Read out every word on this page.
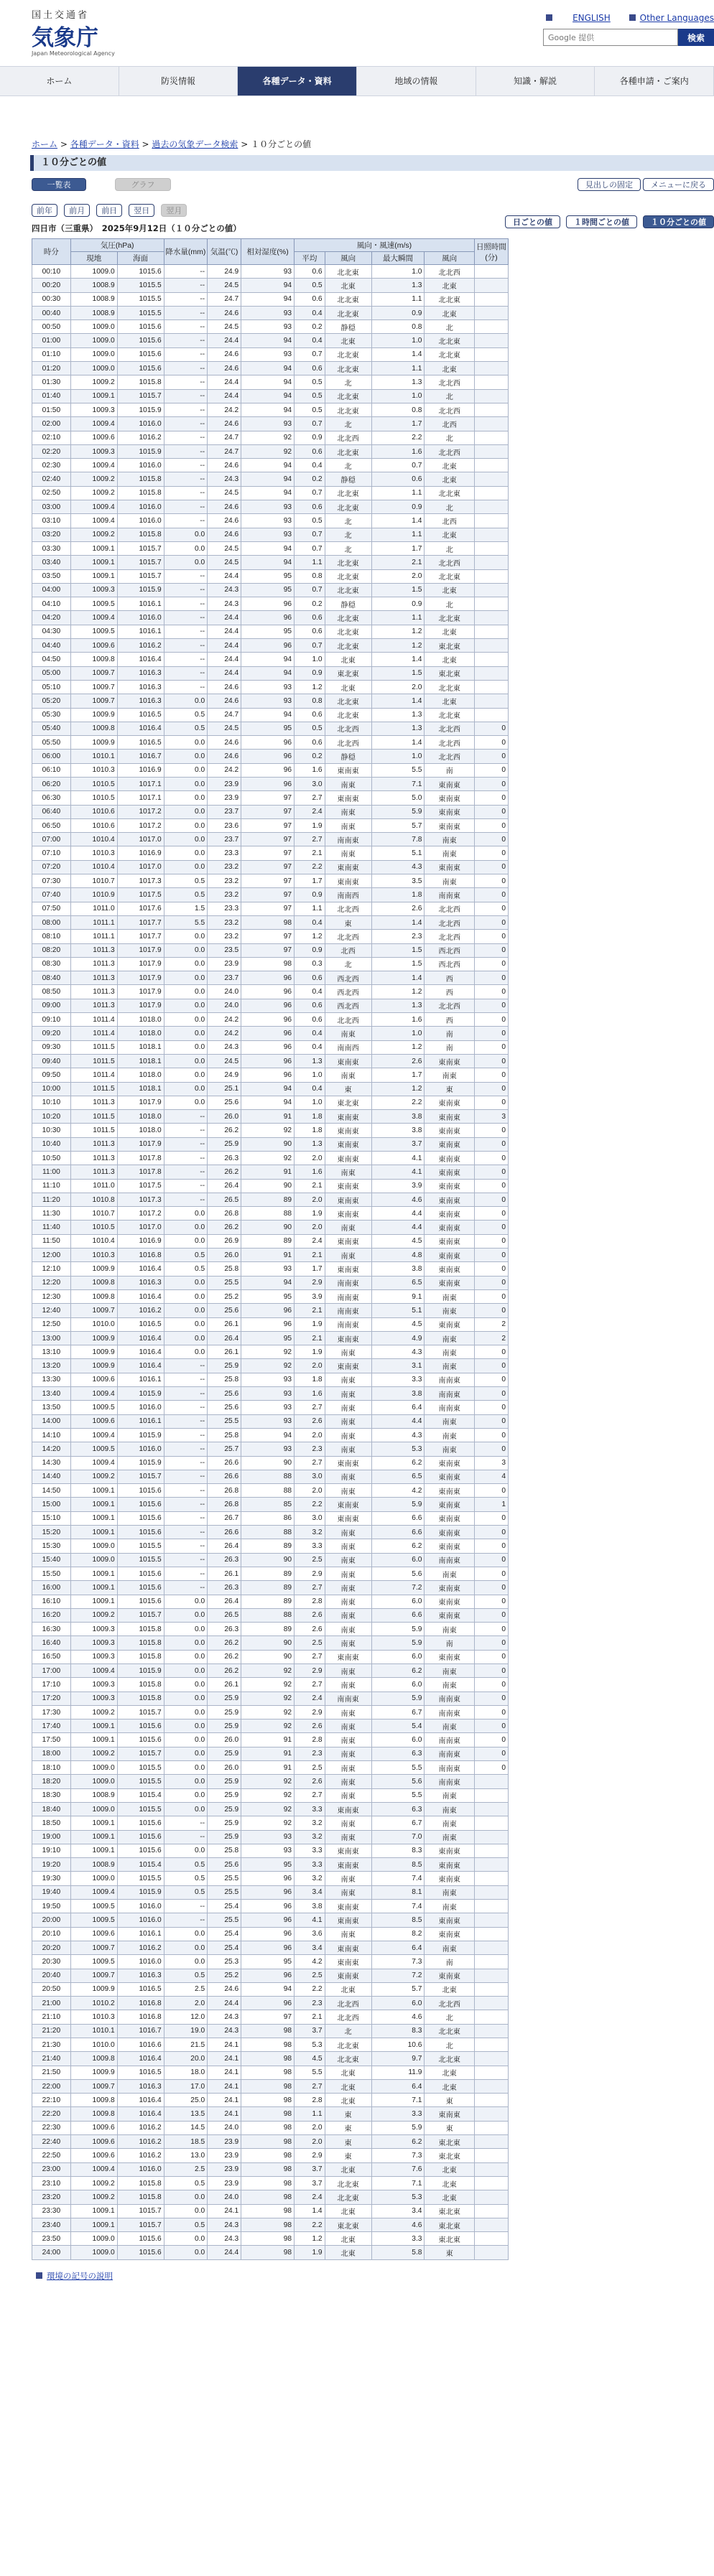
国土交通省
気象庁
Japan Meteorological Agency
ENGLISH	Other Languages
Google 提供
検索
ホーム	防災情報	各種データ・資料	地域の情報	知識・解説	各種申請・ご案内
ホーム > 各種データ・資料 > 過去の気象データ検索 > １０分ごとの値
１０分ごとの値
一覧表	グラフ	見出しの固定	メニューに戻る
前年 前月 前日 翌日 翌月
四日市（三重県）　2025年9月12日（１０分ごとの値）
日ごとの値	１時間ごとの値	１０分ごとの値
時分	気圧(hPa)		降水量(mm)	気温(℃)	相対湿度(%)	風向・風速(m/s)				日照時間(分)
	現地	海面				平均	風向	最大瞬間	風向	
00:10	1009.0	1015.6	--	24.9	93	0.6	北北東	1.0	北北西	
00:20	1008.9	1015.5	--	24.5	94	0.5	北東	1.3	北東	
00:30	1008.9	1015.5	--	24.7	94	0.6	北北東	1.1	北北東	
00:40	1008.9	1015.5	--	24.6	93	0.4	北北東	0.9	北東	
00:50	1009.0	1015.6	--	24.5	93	0.2	静穏	0.8	北	
01:00	1009.0	1015.6	--	24.4	94	0.4	北東	1.0	北北東	
01:10	1009.0	1015.6	--	24.6	93	0.7	北北東	1.4	北北東	
01:20	1009.0	1015.6	--	24.6	94	0.6	北北東	1.1	北東	
01:30	1009.2	1015.8	--	24.4	94	0.5	北	1.3	北北西	
01:40	1009.1	1015.7	--	24.4	94	0.5	北北東	1.0	北	
01:50	1009.3	1015.9	--	24.2	94	0.5	北北東	0.8	北北西	
02:00	1009.4	1016.0	--	24.6	93	0.7	北	1.7	北西	
02:10	1009.6	1016.2	--	24.7	92	0.9	北北西	2.2	北	
02:20	1009.3	1015.9	--	24.7	92	0.6	北北東	1.6	北北西	
02:30	1009.4	1016.0	--	24.6	94	0.4	北	0.7	北東	
02:40	1009.2	1015.8	--	24.3	94	0.2	静穏	0.6	北東	
02:50	1009.2	1015.8	--	24.5	94	0.7	北北東	1.1	北北東	
03:00	1009.4	1016.0	--	24.6	93	0.6	北北東	0.9	北	
03:10	1009.4	1016.0	--	24.6	93	0.5	北	1.4	北西	
03:20	1009.2	1015.8	0.0	24.6	93	0.7	北	1.1	北東	
03:30	1009.1	1015.7	0.0	24.5	94	0.7	北	1.7	北	
03:40	1009.1	1015.7	0.0	24.5	94	1.1	北北東	2.1	北北西	
03:50	1009.1	1015.7	--	24.4	95	0.8	北北東	2.0	北北東	
04:00	1009.3	1015.9	--	24.3	95	0.7	北北東	1.5	北東	
04:10	1009.5	1016.1	--	24.3	96	0.2	静穏	0.9	北	
04:20	1009.4	1016.0	--	24.4	96	0.6	北北東	1.1	北北東	
04:30	1009.5	1016.1	--	24.4	95	0.6	北北東	1.2	北東	
04:40	1009.6	1016.2	--	24.4	96	0.7	北北東	1.2	東北東	
04:50	1009.8	1016.4	--	24.4	94	1.0	北東	1.4	北東	
05:00	1009.7	1016.3	--	24.4	94	0.9	東北東	1.5	東北東	
05:10	1009.7	1016.3	--	24.6	93	1.2	北東	2.0	北北東	
05:20	1009.7	1016.3	0.0	24.6	93	0.8	北北東	1.4	北東	
05:30	1009.9	1016.5	0.5	24.7	94	0.6	北北東	1.3	北北東	
05:40	1009.8	1016.4	0.5	24.5	95	0.5	北北西	1.3	北北西	0
05:50	1009.9	1016.5	0.0	24.6	96	0.6	北北西	1.4	北北西	0
06:00	1010.1	1016.7	0.0	24.6	96	0.2	静穏	1.0	北北西	0
06:10	1010.3	1016.9	0.0	24.2	96	1.6	東南東	5.5	南	0
06:20	1010.5	1017.1	0.0	23.9	96	3.0	南東	7.1	東南東	0
06:30	1010.5	1017.1	0.0	23.9	97	2.7	東南東	5.0	東南東	0
06:40	1010.6	1017.2	0.0	23.7	97	2.4	南東	5.9	東南東	0
06:50	1010.6	1017.2	0.0	23.6	97	1.9	南東	5.7	東南東	0
07:00	1010.4	1017.0	0.0	23.7	97	2.7	南南東	7.8	南東	0
07:10	1010.3	1016.9	0.0	23.3	97	2.1	南東	5.1	南東	0
07:20	1010.4	1017.0	0.0	23.2	97	2.2	東南東	4.3	東南東	0
07:30	1010.7	1017.3	0.5	23.2	97	1.7	東南東	3.5	南東	0
07:40	1010.9	1017.5	0.5	23.2	97	0.9	南南西	1.8	南南東	0
07:50	1011.0	1017.6	1.5	23.3	97	1.1	北北西	2.6	北北西	0
08:00	1011.1	1017.7	5.5	23.2	98	0.4	東	1.4	北北西	0
08:10	1011.1	1017.7	0.0	23.2	97	1.2	北北西	2.3	北北西	0
08:20	1011.3	1017.9	0.0	23.5	97	0.9	北西	1.5	西北西	0
08:30	1011.3	1017.9	0.0	23.9	98	0.3	北	1.5	西北西	0
08:40	1011.3	1017.9	0.0	23.7	96	0.6	西北西	1.4	西	0
08:50	1011.3	1017.9	0.0	24.0	96	0.4	西北西	1.2	西	0
09:00	1011.3	1017.9	0.0	24.0	96	0.6	西北西	1.3	北北西	0
09:10	1011.4	1018.0	0.0	24.2	96	0.6	北北西	1.6	西	0
09:20	1011.4	1018.0	0.0	24.2	96	0.4	南東	1.0	南	0
09:30	1011.5	1018.1	0.0	24.3	96	0.4	南南西	1.2	南	0
09:40	1011.5	1018.1	0.0	24.5	96	1.3	東南東	2.6	東南東	0
09:50	1011.4	1018.0	0.0	24.9	96	1.0	南東	1.7	南東	0
10:00	1011.5	1018.1	0.0	25.1	94	0.4	東	1.2	東	0
10:10	1011.3	1017.9	0.0	25.6	94	1.0	東北東	2.2	東南東	0
10:20	1011.5	1018.0	--	26.0	91	1.8	東南東	3.8	東南東	3
10:30	1011.5	1018.0	--	26.2	92	1.8	東南東	3.8	東南東	0
10:40	1011.3	1017.9	--	25.9	90	1.3	東南東	3.7	東南東	0
10:50	1011.3	1017.8	--	26.3	92	2.0	東南東	4.1	東南東	0
11:00	1011.3	1017.8	--	26.2	91	1.6	南東	4.1	東南東	0
11:10	1011.0	1017.5	--	26.4	90	2.1	東南東	3.9	東南東	0
11:20	1010.8	1017.3	--	26.5	89	2.0	東南東	4.6	東南東	0
11:30	1010.7	1017.2	0.0	26.8	88	1.9	東南東	4.4	東南東	0
11:40	1010.5	1017.0	0.0	26.2	90	2.0	南東	4.4	東南東	0
11:50	1010.4	1016.9	0.0	26.9	89	2.4	東南東	4.5	東南東	0
12:00	1010.3	1016.8	0.5	26.0	91	2.1	南東	4.8	東南東	0
12:10	1009.9	1016.4	0.5	25.8	93	1.7	東南東	3.8	東南東	0
12:20	1009.8	1016.3	0.0	25.5	94	2.9	南南東	6.5	東南東	0
12:30	1009.8	1016.4	0.0	25.2	95	3.9	南南東	9.1	南東	0
12:40	1009.7	1016.2	0.0	25.6	96	2.1	南南東	5.1	南東	0
12:50	1010.0	1016.5	0.0	26.1	96	1.9	南南東	4.5	東南東	2
13:00	1009.9	1016.4	0.0	26.4	95	2.1	東南東	4.9	南東	2
13:10	1009.9	1016.4	0.0	26.1	92	1.9	南東	4.3	南東	0
13:20	1009.9	1016.4	--	25.9	92	2.0	東南東	3.1	南東	0
13:30	1009.6	1016.1	--	25.8	93	1.8	南東	3.3	南南東	0
13:40	1009.4	1015.9	--	25.6	93	1.6	南東	3.8	南南東	0
13:50	1009.5	1016.0	--	25.6	93	2.7	南東	6.4	南南東	0
14:00	1009.6	1016.1	--	25.5	93	2.6	南東	4.4	南東	0
14:10	1009.4	1015.9	--	25.8	94	2.0	南東	4.3	南東	0
14:20	1009.5	1016.0	--	25.7	93	2.3	南東	5.3	南東	0
14:30	1009.4	1015.9	--	26.6	90	2.7	東南東	6.2	東南東	3
14:40	1009.2	1015.7	--	26.6	88	3.0	南東	6.5	東南東	4
14:50	1009.1	1015.6	--	26.8	88	2.0	南東	4.2	東南東	0
15:00	1009.1	1015.6	--	26.8	85	2.2	東南東	5.9	東南東	1
15:10	1009.1	1015.6	--	26.7	86	3.0	東南東	6.6	東南東	0
15:20	1009.1	1015.6	--	26.6	88	3.2	南東	6.6	東南東	0
15:30	1009.0	1015.5	--	26.4	89	3.3	南東	6.2	東南東	0
15:40	1009.0	1015.5	--	26.3	90	2.5	南東	6.0	南南東	0
15:50	1009.1	1015.6	--	26.1	89	2.9	南東	5.6	南東	0
16:00	1009.1	1015.6	--	26.3	89	2.7	南東	7.2	東南東	0
16:10	1009.1	1015.6	0.0	26.4	89	2.8	南東	6.0	東南東	0
16:20	1009.2	1015.7	0.0	26.5	88	2.6	南東	6.6	東南東	0
16:30	1009.3	1015.8	0.0	26.3	89	2.6	南東	5.9	南東	0
16:40	1009.3	1015.8	0.0	26.2	90	2.5	南東	5.9	南	0
16:50	1009.3	1015.8	0.0	26.2	90	2.7	東南東	6.0	東南東	0
17:00	1009.4	1015.9	0.0	26.2	92	2.9	南東	6.2	南東	0
17:10	1009.3	1015.8	0.0	26.1	92	2.7	南東	6.0	南東	0
17:20	1009.3	1015.8	0.0	25.9	92	2.4	南南東	5.9	南南東	0
17:30	1009.2	1015.7	0.0	25.9	92	2.9	南東	6.7	南南東	0
17:40	1009.1	1015.6	0.0	25.9	92	2.6	南東	5.4	南東	0
17:50	1009.1	1015.6	0.0	26.0	91	2.8	南東	6.0	南南東	0
18:00	1009.2	1015.7	0.0	25.9	91	2.3	南東	6.3	南南東	0
18:10	1009.0	1015.5	0.0	26.0	91	2.5	南東	5.5	南南東	0
18:20	1009.0	1015.5	0.0	25.9	92	2.6	南東	5.6	南南東	
18:30	1008.9	1015.4	0.0	25.9	92	2.7	南東	5.5	南東	
18:40	1009.0	1015.5	0.0	25.9	92	3.3	東南東	6.3	南東	
18:50	1009.1	1015.6	--	25.9	92	3.2	南東	6.7	南東	
19:00	1009.1	1015.6	--	25.9	93	3.2	南東	7.0	南東	
19:10	1009.1	1015.6	0.0	25.8	93	3.3	東南東	8.3	東南東	
19:20	1008.9	1015.4	0.5	25.6	95	3.3	東南東	8.5	東南東	
19:30	1009.0	1015.5	0.5	25.5	96	3.2	南東	7.4	東南東	
19:40	1009.4	1015.9	0.5	25.5	96	3.4	南東	8.1	南東	
19:50	1009.5	1016.0	--	25.4	96	3.8	東南東	7.4	南東	
20:00	1009.5	1016.0	--	25.5	96	4.1	東南東	8.5	東南東	
20:10	1009.6	1016.1	0.0	25.4	96	3.6	南東	8.2	東南東	
20:20	1009.7	1016.2	0.0	25.4	96	3.4	東南東	6.4	南東	
20:30	1009.5	1016.0	0.0	25.3	95	4.2	東南東	7.3	南	
20:40	1009.7	1016.3	0.5	25.2	96	2.5	東南東	7.2	東南東	
20:50	1009.9	1016.5	2.5	24.6	94	2.2	北東	5.7	北東	
21:00	1010.2	1016.8	2.0	24.4	96	2.3	北北西	6.0	北北西	
21:10	1010.3	1016.8	12.0	24.3	97	2.1	北北西	4.6	北	
21:20	1010.1	1016.7	19.0	24.3	98	3.7	北	8.3	北北東	
21:30	1010.0	1016.6	21.5	24.1	98	5.3	北北東	10.6	北	
21:40	1009.8	1016.4	20.0	24.1	98	4.5	北北東	9.7	北北東	
21:50	1009.9	1016.5	18.0	24.1	98	5.5	北東	11.9	北東	
22:00	1009.7	1016.3	17.0	24.1	98	2.7	北東	6.4	北東	
22:10	1009.8	1016.4	25.0	24.1	98	2.8	北東	7.1	東	
22:20	1009.8	1016.4	13.5	24.1	98	1.1	東	3.3	東南東	
22:30	1009.6	1016.2	14.5	24.0	98	2.0	東	5.9	東	
22:40	1009.6	1016.2	18.5	23.9	98	2.0	東	6.2	東北東	
22:50	1009.6	1016.2	13.0	23.9	98	2.9	東	7.3	東北東	
23:00	1009.4	1016.0	2.5	23.9	98	3.7	北東	7.6	北東	
23:10	1009.2	1015.8	0.5	23.9	98	3.7	北北東	7.1	北東	
23:20	1009.2	1015.8	0.0	24.0	98	2.4	北北東	5.3	北東	
23:30	1009.1	1015.7	0.0	24.1	98	1.4	北東	3.4	東北東	
23:40	1009.1	1015.7	0.5	24.3	98	2.2	東北東	4.6	東北東	
23:50	1009.0	1015.6	0.0	24.3	98	1.2	北東	3.3	東北東	
24:00	1009.0	1015.6	0.0	24.4	98	1.9	北東	5.8	東	
環境の記号の説明
